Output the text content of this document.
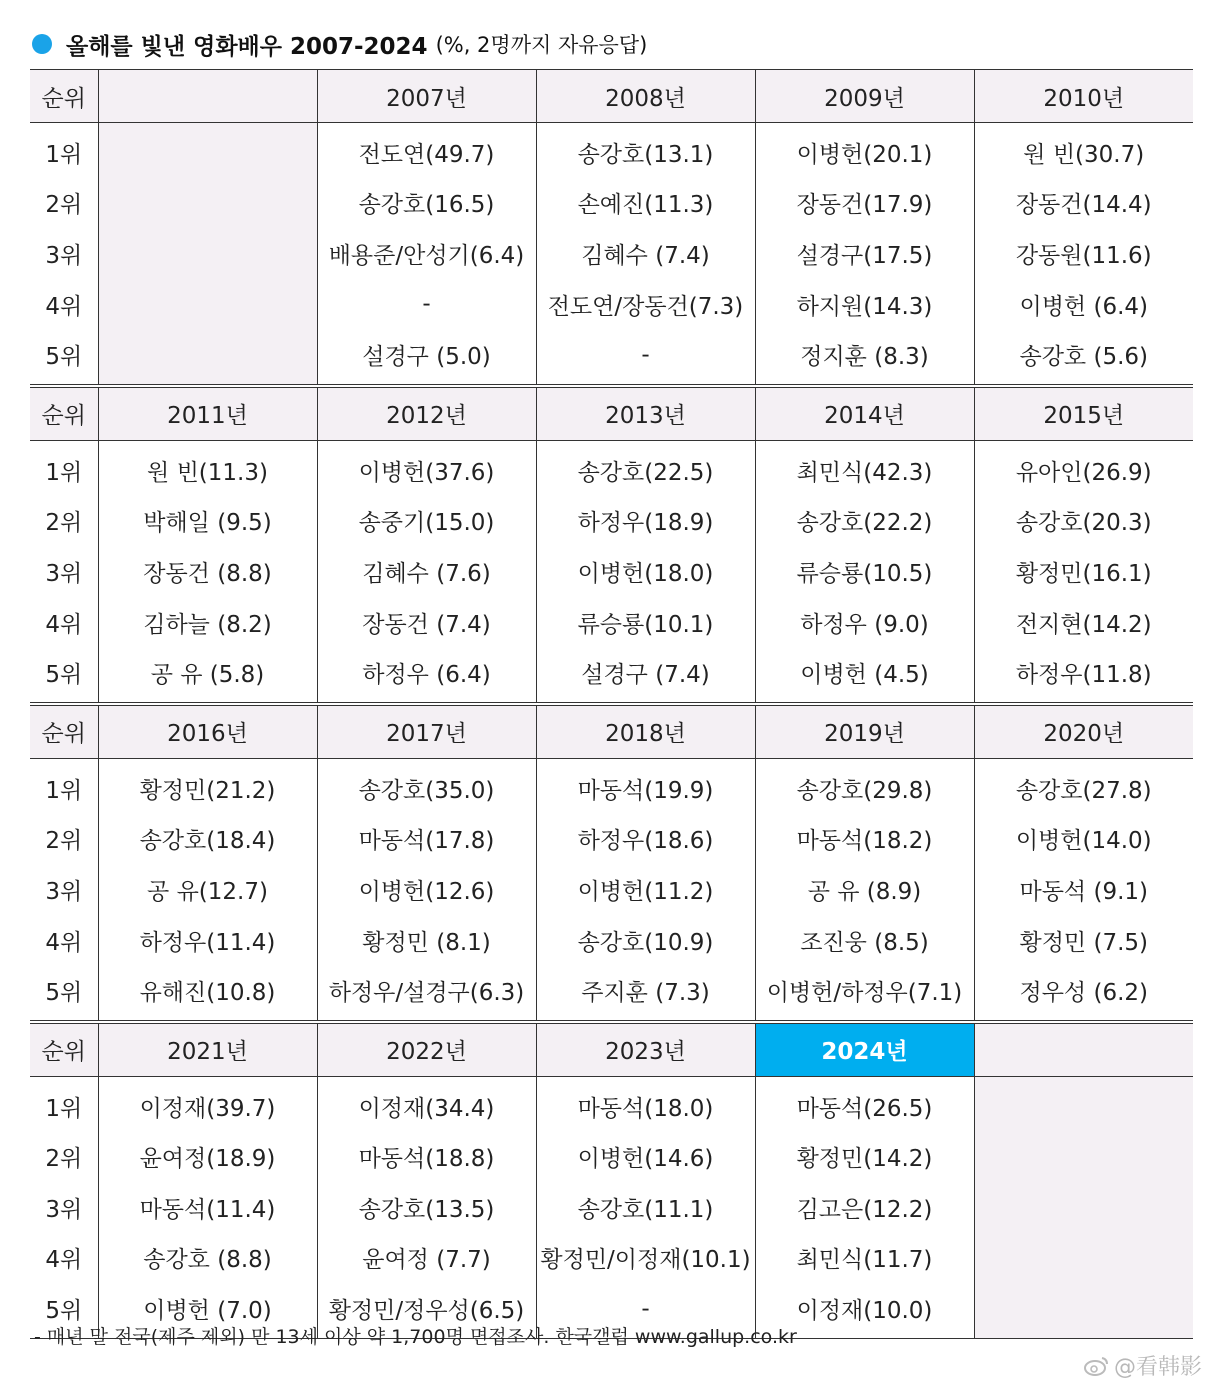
올해를 빛낸 영화배우 2007-2024 (%, 2명까지 자유응답)
순위		2007년	2008년	2009년	2010년
1위		전도연(49.7)	송강호(13.1)	이병헌(20.1)	원 빈(30.7)
2위		송강호(16.5)	손예진(11.3)	장동건(17.9)	장동건(14.4)
3위		배용준/안성기(6.4)	김혜수 (7.4)	설경구(17.5)	강동원(11.6)
4위		-	전도연/장동건(7.3)	하지원(14.3)	이병헌 (6.4)
5위		설경구 (5.0)	-	정지훈 (8.3)	송강호 (5.6)
순위	2011년	2012년	2013년	2014년	2015년
1위	원 빈(11.3)	이병헌(37.6)	송강호(22.5)	최민식(42.3)	유아인(26.9)
2위	박해일 (9.5)	송중기(15.0)	하정우(18.9)	송강호(22.2)	송강호(20.3)
3위	장동건 (8.8)	김혜수 (7.6)	이병헌(18.0)	류승룡(10.5)	황정민(16.1)
4위	김하늘 (8.2)	장동건 (7.4)	류승룡(10.1)	하정우 (9.0)	전지현(14.2)
5위	공 유 (5.8)	하정우 (6.4)	설경구 (7.4)	이병헌 (4.5)	하정우(11.8)
순위	2016년	2017년	2018년	2019년	2020년
1위	황정민(21.2)	송강호(35.0)	마동석(19.9)	송강호(29.8)	송강호(27.8)
2위	송강호(18.4)	마동석(17.8)	하정우(18.6)	마동석(18.2)	이병헌(14.0)
3위	공 유(12.7)	이병헌(12.6)	이병헌(11.2)	공 유 (8.9)	마동석 (9.1)
4위	하정우(11.4)	황정민 (8.1)	송강호(10.9)	조진웅 (8.5)	황정민 (7.5)
5위	유해진(10.8)	하정우/설경구(6.3)	주지훈 (7.3)	이병헌/하정우(7.1)	정우성 (6.2)
순위	2021년	2022년	2023년	2024년	
1위	이정재(39.7)	이정재(34.4)	마동석(18.0)	마동석(26.5)	
2위	윤여정(18.9)	마동석(18.8)	이병헌(14.6)	황정민(14.2)	
3위	마동석(11.4)	송강호(13.5)	송강호(11.1)	김고은(12.2)	
4위	송강호 (8.8)	윤여정 (7.7)	황정민/이정재(10.1)	최민식(11.7)	
5위	이병헌 (7.0)	황정민/정우성(6.5)	-	이정재(10.0)	
- 매년 말 전국(제주 제외) 만 13세 이상 약 1,700명 면접조사. 한국갤럽 www.gallup.co.kr
@看韩影
